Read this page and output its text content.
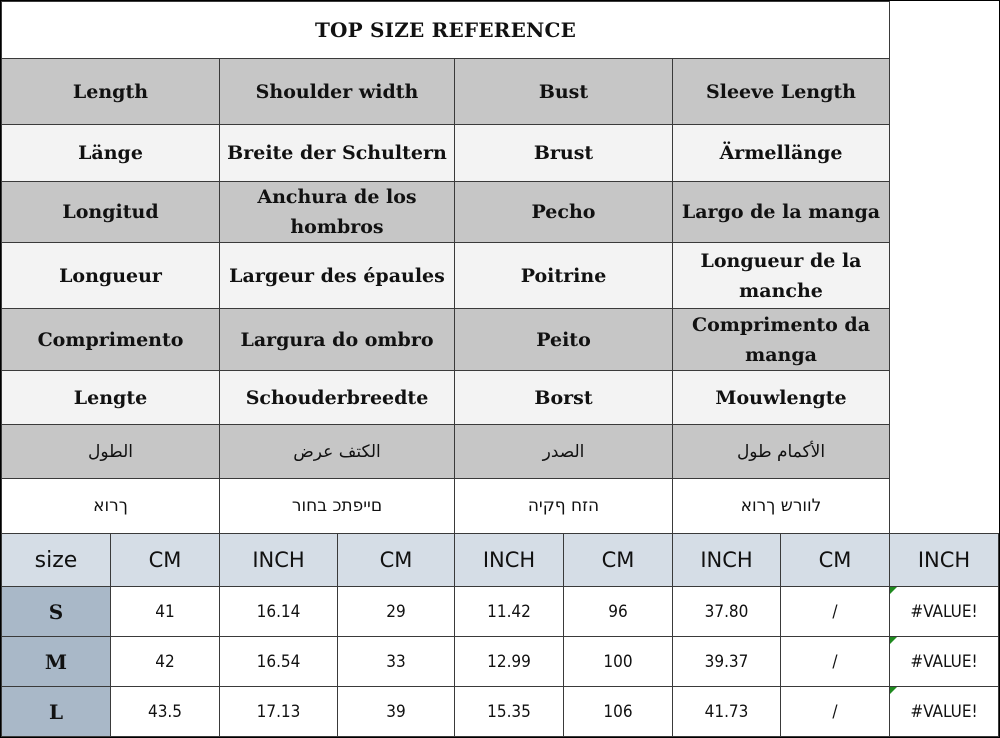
TOP SIZE REFERENCE								
Length		Shoulder width		Bust		Sleeve Length		
Länge		Breite der Schultern		Brust		Ärmellänge		
Longitud		Anchura de los hombros		Pecho		Largo de la manga		
Longueur		Largeur des épaules		Poitrine		Longueur de la manche		
Comprimento		Largura do ombro		Peito		Comprimento da manga		
Lengte		Schouderbreedte		Borst		Mouwlengte		
الطول		الكتف عرض		الصدر		الأكمام طول		
ךרוא		םייפתכ בחור		הזח ףקיה		לוורש ךרוא		
size	CM	INCH	CM	INCH	CM	INCH	CM	INCH
S	41	16.14	29	11.42	96	37.80	/	#VALUE!
M	42	16.54	33	12.99	100	39.37	/	#VALUE!
L	43.5	17.13	39	15.35	106	41.73	/	#VALUE!
